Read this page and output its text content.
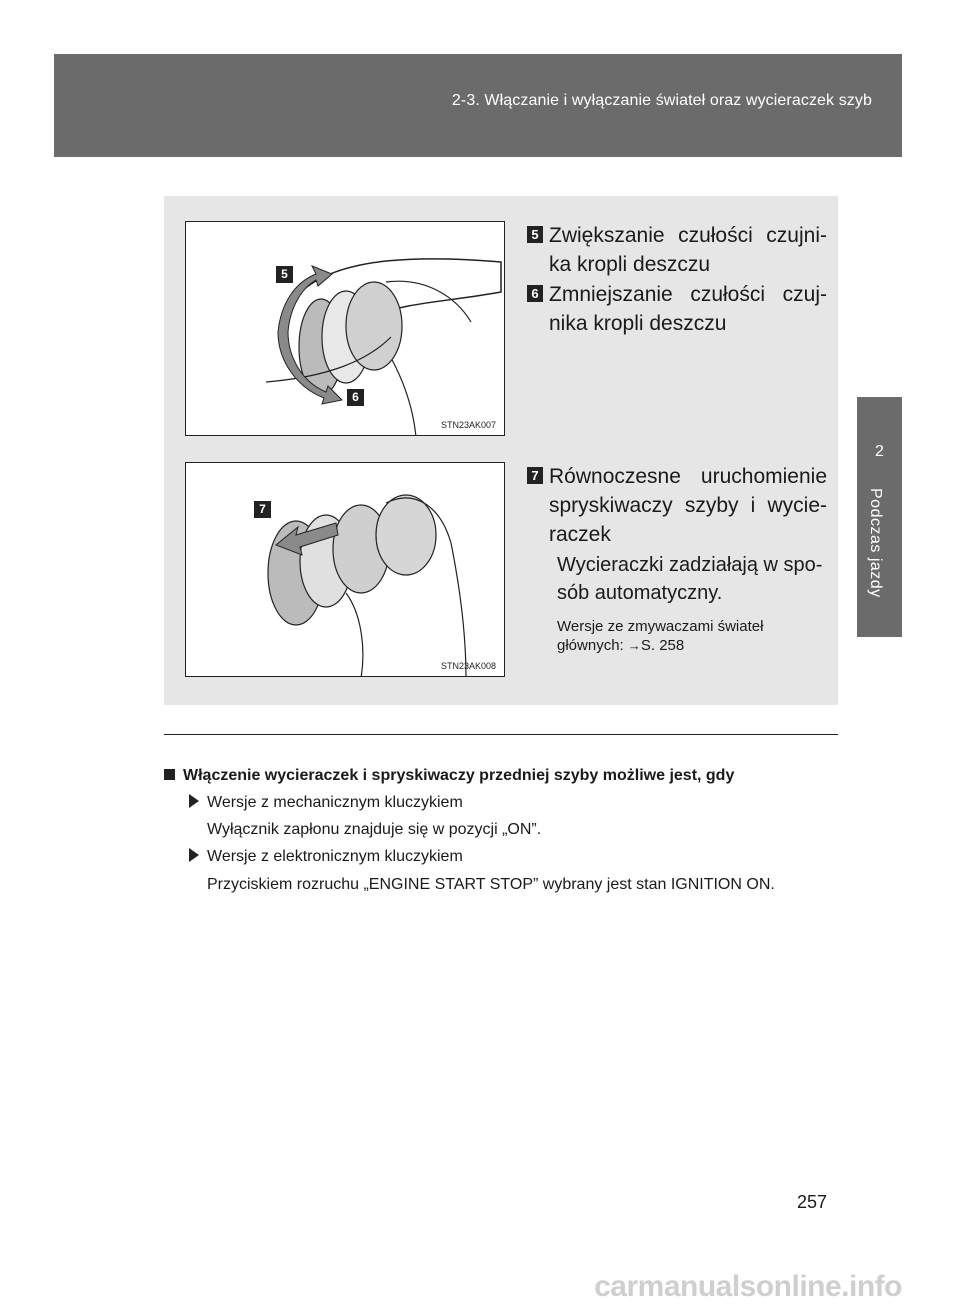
2-3. Włączanie i wyłączanie świateł oraz wycieraczek szyb
2
Podczas jazdy
5
6
STN23AK007
7
STN23AK008
5 Zwiększanie czułości czujni-ka kropli deszczu
6 Zmniejszanie czułości czuj-nika kropli deszczu
7 Równoczesne uruchomienie spryskiwaczy szyby i wycie-raczek
Wycieraczki zadziałają w spo-sób automatyczny.
Wersje ze zmywaczami świateł głównych: →S. 258
Włączenie wycieraczek i spryskiwaczy przedniej szyby możliwe jest, gdy
Wersje z mechanicznym kluczykiem
Wyłącznik zapłonu znajduje się w pozycji „ON”.
Wersje z elektronicznym kluczykiem
Przyciskiem rozruchu „ENGINE START STOP” wybrany jest stan IGNITION ON.
257
carmanualsonline.info
